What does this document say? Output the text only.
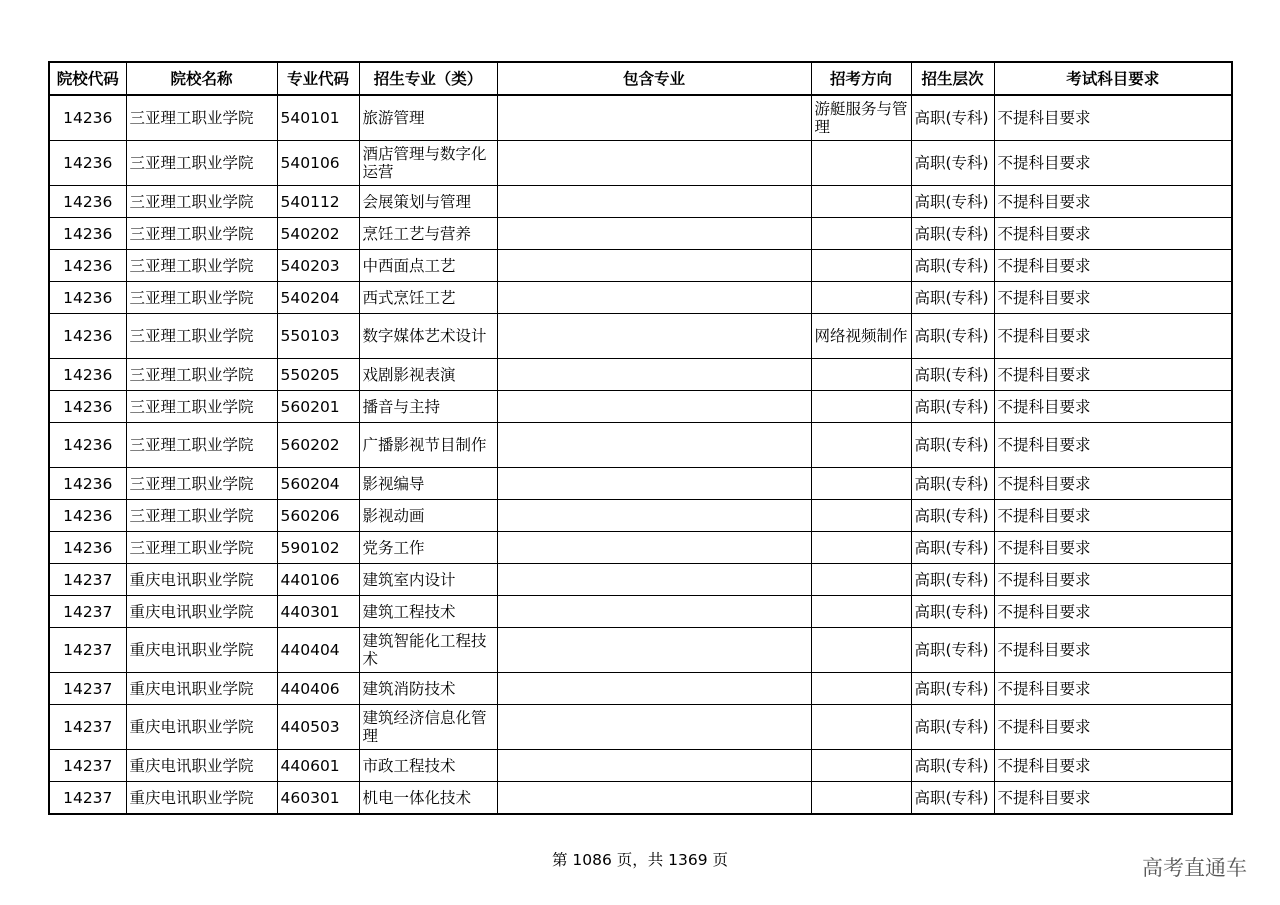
院校代码	院校名称	专业代码	招生专业（类）	包含专业	招考方向	招生层次	考试科目要求
14236	三亚理工职业学院	540101	旅游管理		游艇服务与管理	高职(专科)	不提科目要求
14236	三亚理工职业学院	540106	酒店管理与数字化运营			高职(专科)	不提科目要求
14236	三亚理工职业学院	540112	会展策划与管理			高职(专科)	不提科目要求
14236	三亚理工职业学院	540202	烹饪工艺与营养			高职(专科)	不提科目要求
14236	三亚理工职业学院	540203	中西面点工艺			高职(专科)	不提科目要求
14236	三亚理工职业学院	540204	西式烹饪工艺			高职(专科)	不提科目要求
14236	三亚理工职业学院	550103	数字媒体艺术设计		网络视频制作	高职(专科)	不提科目要求
14236	三亚理工职业学院	550205	戏剧影视表演			高职(专科)	不提科目要求
14236	三亚理工职业学院	560201	播音与主持			高职(专科)	不提科目要求
14236	三亚理工职业学院	560202	广播影视节目制作			高职(专科)	不提科目要求
14236	三亚理工职业学院	560204	影视编导			高职(专科)	不提科目要求
14236	三亚理工职业学院	560206	影视动画			高职(专科)	不提科目要求
14236	三亚理工职业学院	590102	党务工作			高职(专科)	不提科目要求
14237	重庆电讯职业学院	440106	建筑室内设计			高职(专科)	不提科目要求
14237	重庆电讯职业学院	440301	建筑工程技术			高职(专科)	不提科目要求
14237	重庆电讯职业学院	440404	建筑智能化工程技术			高职(专科)	不提科目要求
14237	重庆电讯职业学院	440406	建筑消防技术			高职(专科)	不提科目要求
14237	重庆电讯职业学院	440503	建筑经济信息化管理			高职(专科)	不提科目要求
14237	重庆电讯职业学院	440601	市政工程技术			高职(专科)	不提科目要求
14237	重庆电讯职业学院	460301	机电一体化技术			高职(专科)	不提科目要求
第 1086 页，共 1369 页	高考直通车
